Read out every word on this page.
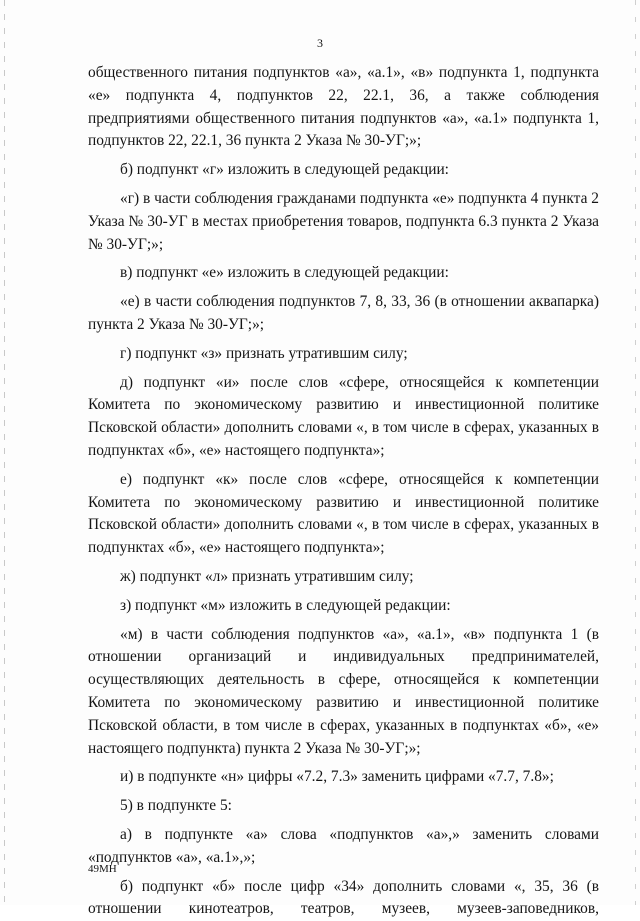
3

общественного питания подпунктов «а», «а.1», «в» подпункта 1, подпункта «е» подпункта 4, подпунктов 22, 22.1, 36, а также соблюдения предприятиями общественного питания подпунктов «а», «а.1» подпункта 1, подпунктов 22, 22.1, 36 пункта 2 Указа № 30-УГ;»;

б) подпункт «г» изложить в следующей редакции:

«г) в части соблюдения гражданами подпункта «е» подпункта 4 пункта 2 Указа № 30-УГ в местах приобретения товаров, подпункта 6.3 пункта 2 Указа № 30-УГ;»;

в) подпункт «е» изложить в следующей редакции:

«е) в части соблюдения подпунктов 7, 8, 33, 36 (в отношении аквапарка) пункта 2 Указа № 30-УГ;»;

г) подпункт «з» признать утратившим силу;

д) подпункт «и» после слов «сфере, относящейся к компетенции Комитета по экономическому развитию и инвестиционной политике Псковской области» дополнить словами «, в том числе в сферах, указанных в подпунктах «б», «е» настоящего подпункта»;

е) подпункт «к» после слов «сфере, относящейся к компетенции Комитета по экономическому развитию и инвестиционной политике Псковской области» дополнить словами «, в том числе в сферах, указанных в подпунктах «б», «е» настоящего подпункта»;

ж) подпункт «л» признать утратившим силу;

з) подпункт «м» изложить в следующей редакции:

«м) в части соблюдения подпунктов «а», «а.1», «в» подпункта 1 (в отношении организаций и индивидуальных предпринимателей, осуществляющих деятельность в сфере, относящейся к компетенции Комитета по экономическому развитию и инвестиционной политике Псковской области, в том числе в сферах, указанных в подпунктах «б», «е» настоящего подпункта) пункта 2 Указа № 30-УГ;»;

и) в подпункте «н» цифры «7.2, 7.3» заменить цифрами «7.7, 7.8»;

5) в подпункте 5:

а) в подпункте «а» слова «подпунктов «а»,» заменить словами «подпунктов «а», «а.1»,»;

б) подпункт «б» после цифр «34» дополнить словами «, 35, 36 (в отношении кинотеатров, театров, музеев, музеев-заповедников,

49МН
